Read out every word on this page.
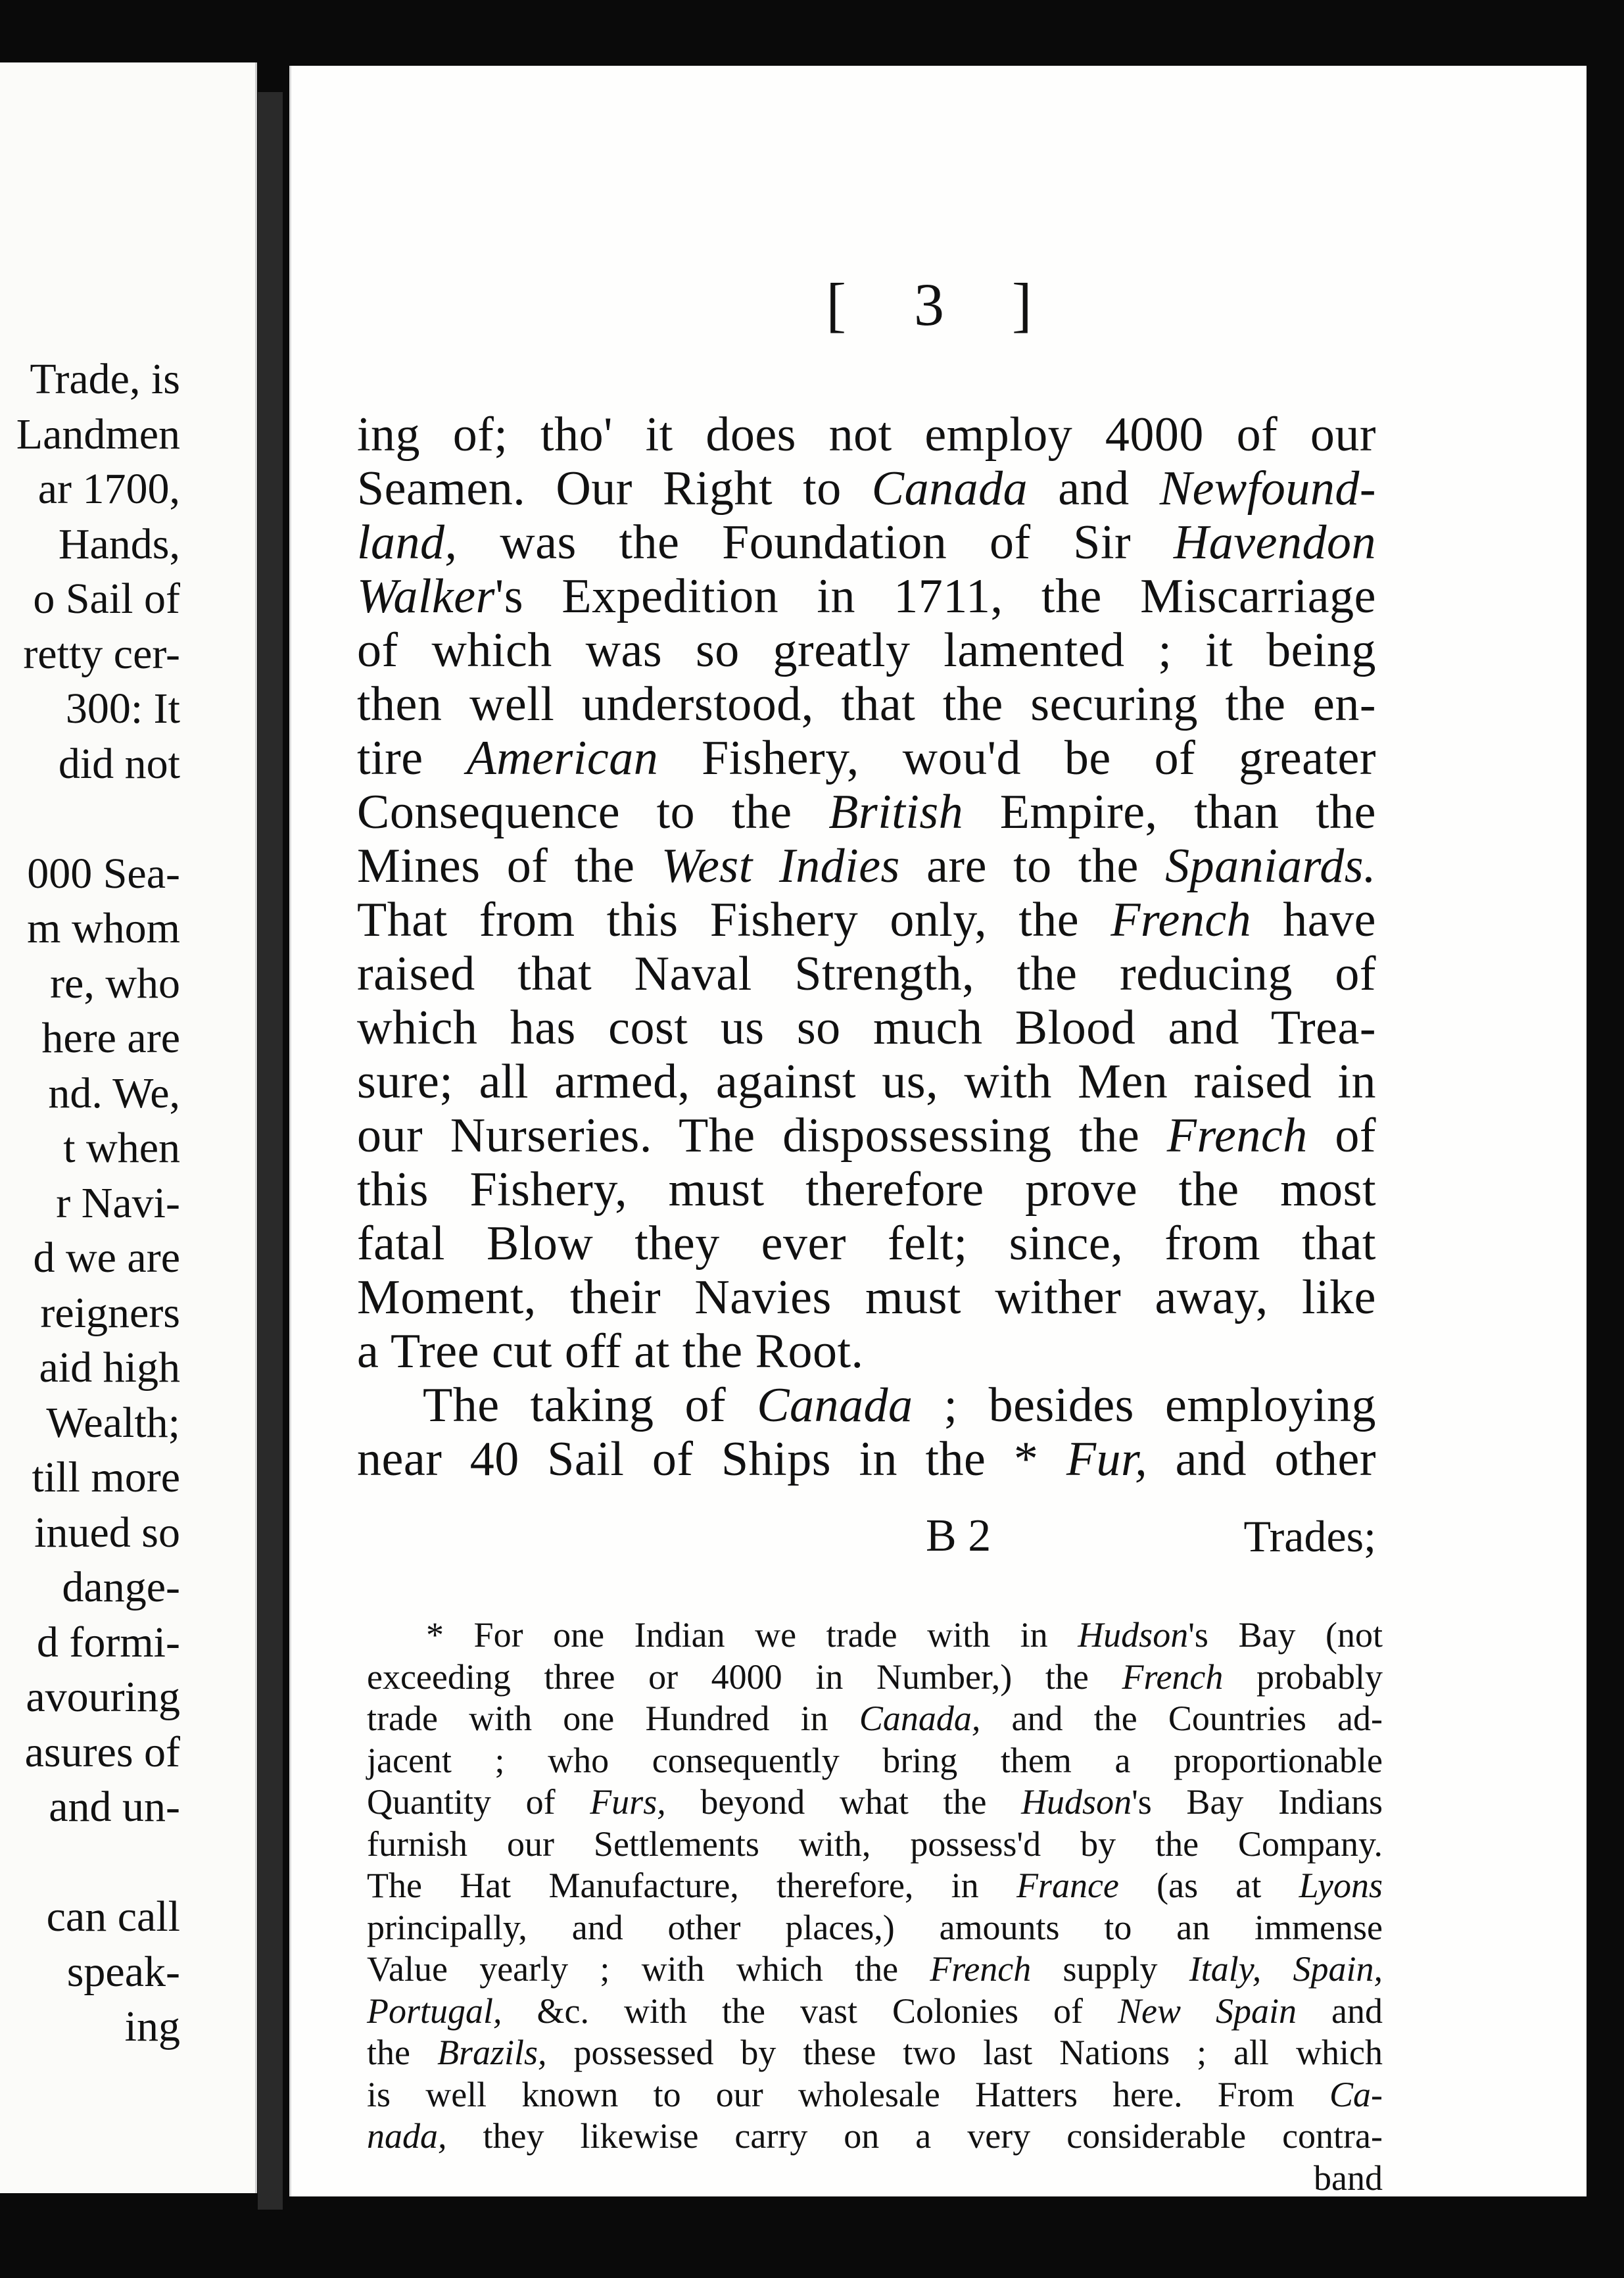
Trade, is
Landmen
ar 1700,
Hands,
o Sail of
retty cer-
300: It
did not
000 Sea-
m whom
re, who
here are
nd. We,
t when
r Navi-
d we are
reigners
aid high
Wealth;
till more
inued so
dange-
d formi-
avouring
asures of
and un-
can call
speak-
ing
[ 3 ]
ing of; tho' it does not employ 4000 of our
Seamen. Our Right to Canada and Newfound-
land, was the Foundation of Sir Havendon
Walker's Expedition in 1711, the Miscarriage
of which was so greatly lamented ; it being
then well understood, that the securing the en-
tire American Fishery, wou'd be of greater
Consequence to the British Empire, than the
Mines of the West Indies are to the Spaniards.
That from this Fishery only, the French have
raised that Naval Strength, the reducing of
which has cost us so much Blood and Trea-
sure; all armed, against us, with Men raised in
our Nurseries. The dispossessing the French of
this Fishery, must therefore prove the most
fatal Blow they ever felt; since, from that
Moment, their Navies must wither away, like
a Tree cut off at the Root.
The taking of Canada ; besides employing
near 40 Sail of Ships in the * Fur, and other
B 2	Trades;
* For one Indian we trade with in Hudson's Bay (not
exceeding three or 4000 in Number,) the French probably
trade with one Hundred in Canada, and the Countries ad-
jacent ; who consequently bring them a proportionable
Quantity of Furs, beyond what the Hudson's Bay Indians
furnish our Settlements with, possess'd by the Company.
The Hat Manufacture, therefore, in France (as at Lyons
principally, and other places,) amounts to an immense
Value yearly ; with which the French supply Italy, Spain,
Portugal, &c. with the vast Colonies of New Spain and
the Brazils, possessed by these two last Nations ; all which
is well known to our wholesale Hatters here. From Ca-
nada, they likewise carry on a very considerable contra-
band
